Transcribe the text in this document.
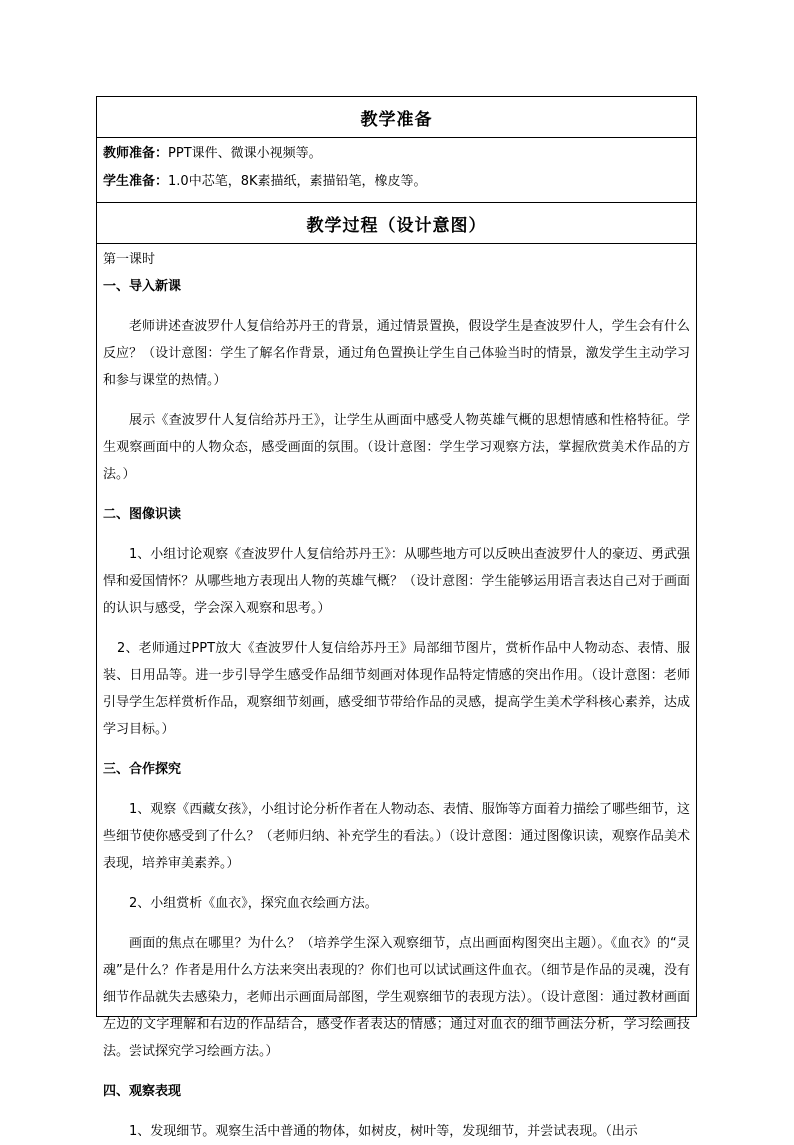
教学准备
教师准备：PPT课件、微课小视频等。
学生准备：1.0中芯笔，8K素描纸，素描铅笔，橡皮等。
教学过程（设计意图）

第一课时

一、导入新课

老师讲述查波罗什人复信给苏丹王的背景，通过情景置换，假设学生是查波罗什人，学生会有什么反应？（设计意图：学生了解名作背景，通过角色置换让学生自己体验当时的情景，激发学生主动学习和参与课堂的热情。）

展示《查波罗什人复信给苏丹王》，让学生从画面中感受人物英雄气概的思想情感和性格特征。学生观察画面中的人物众态，感受画面的氛围。（设计意图：学生学习观察方法，掌握欣赏美术作品的方法。）

二、图像识读

1、小组讨论观察《查波罗什人复信给苏丹王》：从哪些地方可以反映出查波罗什人的豪迈、勇武强悍和爱国情怀？从哪些地方表现出人物的英雄气概？（设计意图：学生能够运用语言表达自己对于画面的认识与感受，学会深入观察和思考。）

2、老师通过PPT放大《查波罗什人复信给苏丹王》局部细节图片，赏析作品中人物动态、表情、服装、日用品等。进一步引导学生感受作品细节刻画对体现作品特定情感的突出作用。（设计意图：老师引导学生怎样赏析作品，观察细节刻画，感受细节带给作品的灵感，提高学生美术学科核心素养，达成学习目标。）

三、合作探究

1、观察《西藏女孩》，小组讨论分析作者在人物动态、表情、服饰等方面着力描绘了哪些细节，这些细节使你感受到了什么？（老师归纳、补充学生的看法。）（设计意图：通过图像识读，观察作品美术表现，培养审美素养。）

2、小组赏析《血衣》，探究血衣绘画方法。

画面的焦点在哪里？为什么？（培养学生深入观察细节，点出画面构图突出主题）。《血衣》的“灵魂”是什么？作者是用什么方法来突出表现的？你们也可以试试画这件血衣。（细节是作品的灵魂，没有细节作品就失去感染力，老师出示画面局部图，学生观察细节的表现方法）。（设计意图：通过教材画面左边的文字理解和右边的作品结合，感受作者表达的情感；通过对血衣的细节画法分析，学习绘画技法。尝试探究学习绘画方法。）

四、观察表现

1、发现细节。观察生活中普通的物体，如树皮，树叶等，发现细节，并尝试表现。（出示
